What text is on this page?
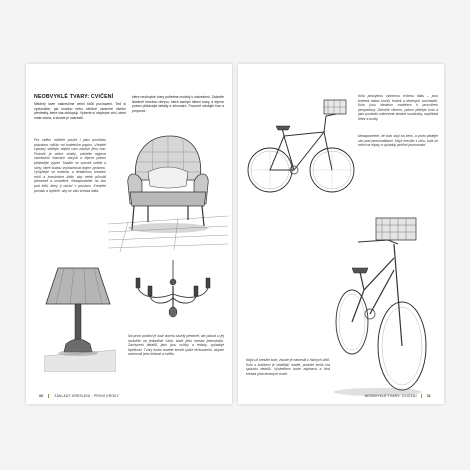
NEOBVYKLÉ TVARY: CVIČENÍ

Některý lover nakreslíme velmi kvůli pochopení. Teď si vyzkoušíte, jak snadno nebo obtížně ztvárníte všední předměty, které vás obklopují. Vyberte si obyčejné věci, které máte doma, a zkuste je nakreslit.

které neobvykle tvary potřebné modely k nakreslení. Začněte lineárně kresbou obrysu, která zachytí hlavní tvary, a teprve potom přidávejte detaily a stínování. Pozorně sledujte tvar a proporce.

Pro vidění můžete použít i jako pomůcku prázdnou ruličku od toaletního papíru. Vhodně vybraný stěžejní objekt vám zachytí jeho tvar. Protože je velice složitý, začněte nejprve načrtnutím hlavních obrysů a teprve potom přidávejte výplet. Snažte se vytvořit světla a stíny, které budou zvýrazňovat dojem prostoru. Vyhýbejte se malému a detailnímu kreslení rohů a konstrukce židle, aby celek působil přirozeně a uvolněně. Nezapomeňte na stín pod židlí, který ji ukotví v prostoru. Kreslete pomalu a trpělivě, aby se vám kresba líbila.

Na první pohled je lustr docela složitý předmět, ale pokud si jej rozložíte na jednotlivé části, bude jeho kresba jednodušší. Zachycení detailů, jako jsou svíčky a řetízky, vyžaduje trpělivost. Tvary lustru budete kreslit spíše tečkováním, abyste zachovali jeho lehkost a světlo.

30	ZÁKLADY KRESLENÍ · PRVNÍ KROKY

Kola poskytnou výbornou cvičnou látku – jsou tvořena řadou kruhů, trubek a drobných součástek. Kola jsou ideálním modelem k procvičení perspektivy. Začněte rámem, potom přidejte kola a jako poslední nakreslete drobné součástky, například řetěz a brzdy.

Nezapomeňte, že kolo stojí na zemi, a proto přidejte stín pod pneumatikami. Když kreslíte z úhlu, kola se mění na elipsy a vyžadují pečlivé pozorování.

Když už kreslíte kolo, zkuste je nakreslit z různých úhlů. Kolo s košíkem je složitější model, protože košík má spoustu detailů. Výsledkem bude zajímavá a živá kresba plná drobných tvarů.

NEOBVYKLÉ TVARY: CVIČENÍ	31
